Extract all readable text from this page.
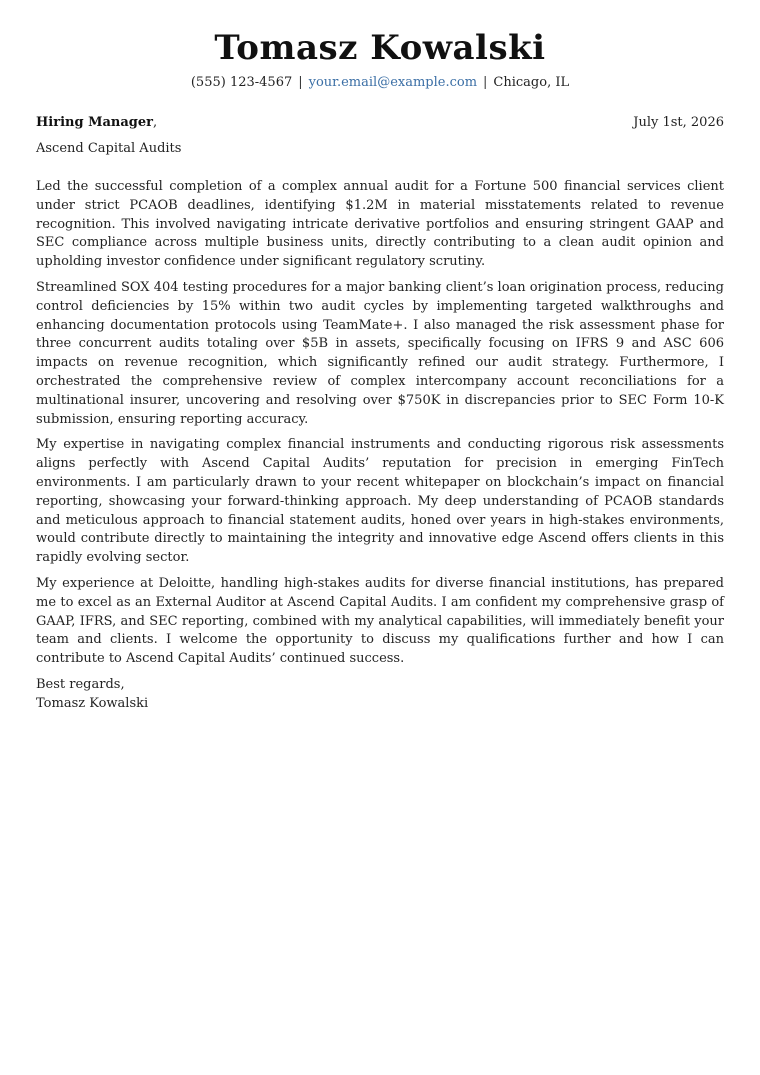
Tomasz Kowalski
(555) 123-4567 | your.email@example.com | Chicago, IL
Hiring Manager,	July 1st, 2026
Ascend Capital Audits

Led the successful completion of a complex annual audit for a Fortune 500 financial services client under strict PCAOB deadlines, identifying $1.2M in material misstatements related to revenue recognition. This involved navigating intricate derivative portfolios and ensuring stringent GAAP and SEC compliance across multiple business units, directly contributing to a clean audit opinion and upholding investor confidence under significant regulatory scrutiny.

Streamlined SOX 404 testing procedures for a major banking client’s loan origination process, reducing control deficiencies by 15% within two audit cycles by implementing targeted walkthroughs and enhancing documentation protocols using TeamMate+. I also managed the risk assessment phase for three concurrent audits totaling over $5B in assets, specifically focusing on IFRS 9 and ASC 606 impacts on revenue recognition, which significantly refined our audit strategy. Furthermore, I orchestrated the comprehensive review of complex intercompany account reconciliations for a multinational insurer, uncovering and resolving over $750K in discrepancies prior to SEC Form 10-K submission, ensuring reporting accuracy.

My expertise in navigating complex financial instruments and conducting rigorous risk assessments aligns perfectly with Ascend Capital Audits’ reputation for precision in emerging FinTech environments. I am particularly drawn to your recent whitepaper on blockchain’s impact on financial reporting, showcasing your forward-thinking approach. My deep understanding of PCAOB standards and meticulous approach to financial statement audits, honed over years in high-stakes environments, would contribute directly to maintaining the integrity and innovative edge Ascend offers clients in this rapidly evolving sector.

My experience at Deloitte, handling high-stakes audits for diverse financial institutions, has prepared me to excel as an External Auditor at Ascend Capital Audits. I am confident my comprehensive grasp of GAAP, IFRS, and SEC reporting, combined with my analytical capabilities, will immediately benefit your team and clients. I welcome the opportunity to discuss my qualifications further and how I can contribute to Ascend Capital Audits’ continued success.

Best regards,
Tomasz Kowalski
